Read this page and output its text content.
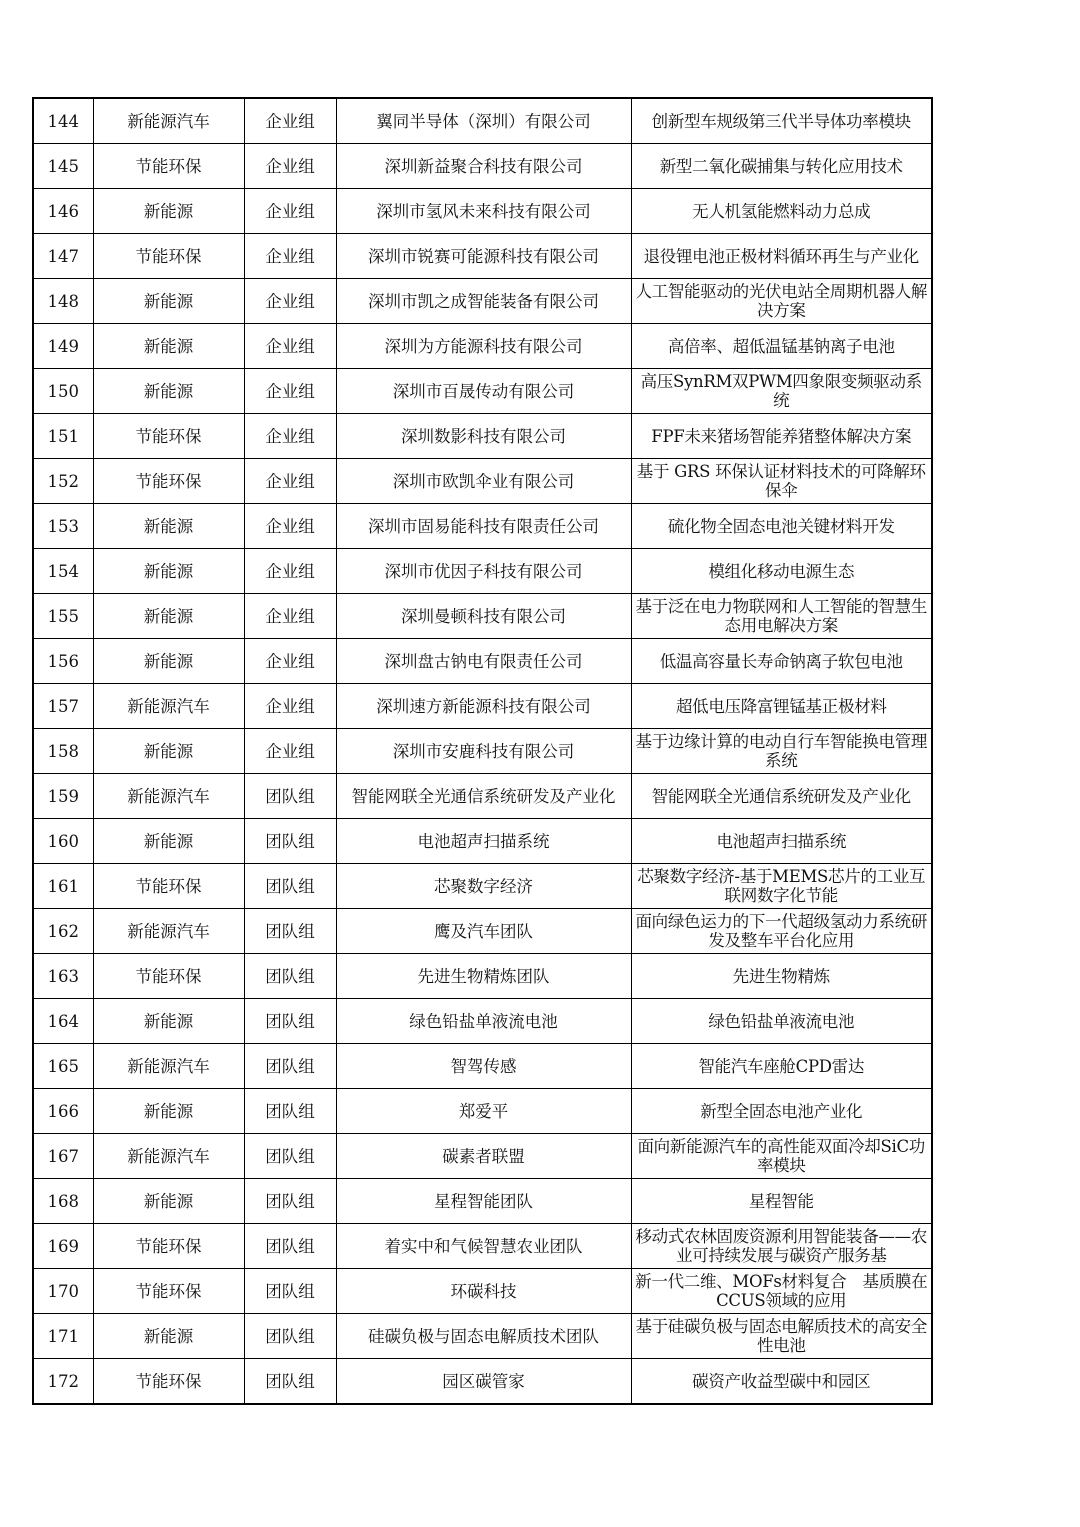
144	新能源汽车	企业组	翼同半导体（深圳）有限公司	创新型车规级第三代半导体功率模块
145	节能环保	企业组	深圳新益聚合科技有限公司	新型二氧化碳捕集与转化应用技术
146	新能源	企业组	深圳市氢风未来科技有限公司	无人机氢能燃料动力总成
147	节能环保	企业组	深圳市锐赛可能源科技有限公司	退役锂电池正极材料循环再生与产业化
148	新能源	企业组	深圳市凯之成智能装备有限公司	人工智能驱动的光伏电站全周期机器人解决方案
149	新能源	企业组	深圳为方能源科技有限公司	高倍率、超低温锰基钠离子电池
150	新能源	企业组	深圳市百晟传动有限公司	高压SynRM双PWM四象限变频驱动系统
151	节能环保	企业组	深圳数影科技有限公司	FPF未来猪场智能养猪整体解决方案
152	节能环保	企业组	深圳市欧凯伞业有限公司	基于 GRS 环保认证材料技术的可降解环保伞
153	新能源	企业组	深圳市固易能科技有限责任公司	硫化物全固态电池关键材料开发
154	新能源	企业组	深圳市优因子科技有限公司	模组化移动电源生态
155	新能源	企业组	深圳曼顿科技有限公司	基于泛在电力物联网和人工智能的智慧生态用电解决方案
156	新能源	企业组	深圳盘古钠电有限责任公司	低温高容量长寿命钠离子软包电池
157	新能源汽车	企业组	深圳速方新能源科技有限公司	超低电压降富锂锰基正极材料
158	新能源	企业组	深圳市安鹿科技有限公司	基于边缘计算的电动自行车智能换电管理系统
159	新能源汽车	团队组	智能网联全光通信系统研发及产业化	智能网联全光通信系统研发及产业化
160	新能源	团队组	电池超声扫描系统	电池超声扫描系统
161	节能环保	团队组	芯聚数字经济	芯聚数字经济-基于MEMS芯片的工业互联网数字化节能
162	新能源汽车	团队组	鹰及汽车团队	面向绿色运力的下一代超级氢动力系统研发及整车平台化应用
163	节能环保	团队组	先进生物精炼团队	先进生物精炼
164	新能源	团队组	绿色铅盐单液流电池	绿色铅盐单液流电池
165	新能源汽车	团队组	智驾传感	智能汽车座舱CPD雷达
166	新能源	团队组	郑爱平	新型全固态电池产业化
167	新能源汽车	团队组	碳素者联盟	面向新能源汽车的高性能双面冷却SiC功率模块
168	新能源	团队组	星程智能团队	星程智能
169	节能环保	团队组	着实中和气候智慧农业团队	移动式农林固废资源利用智能装备——农业可持续发展与碳资产服务基
170	节能环保	团队组	环碳科技	新一代二维、MOFs材料复合　基质膜在CCUS领域的应用
171	新能源	团队组	硅碳负极与固态电解质技术团队	基于硅碳负极与固态电解质技术的高安全性电池
172	节能环保	团队组	园区碳管家	碳资产收益型碳中和园区
